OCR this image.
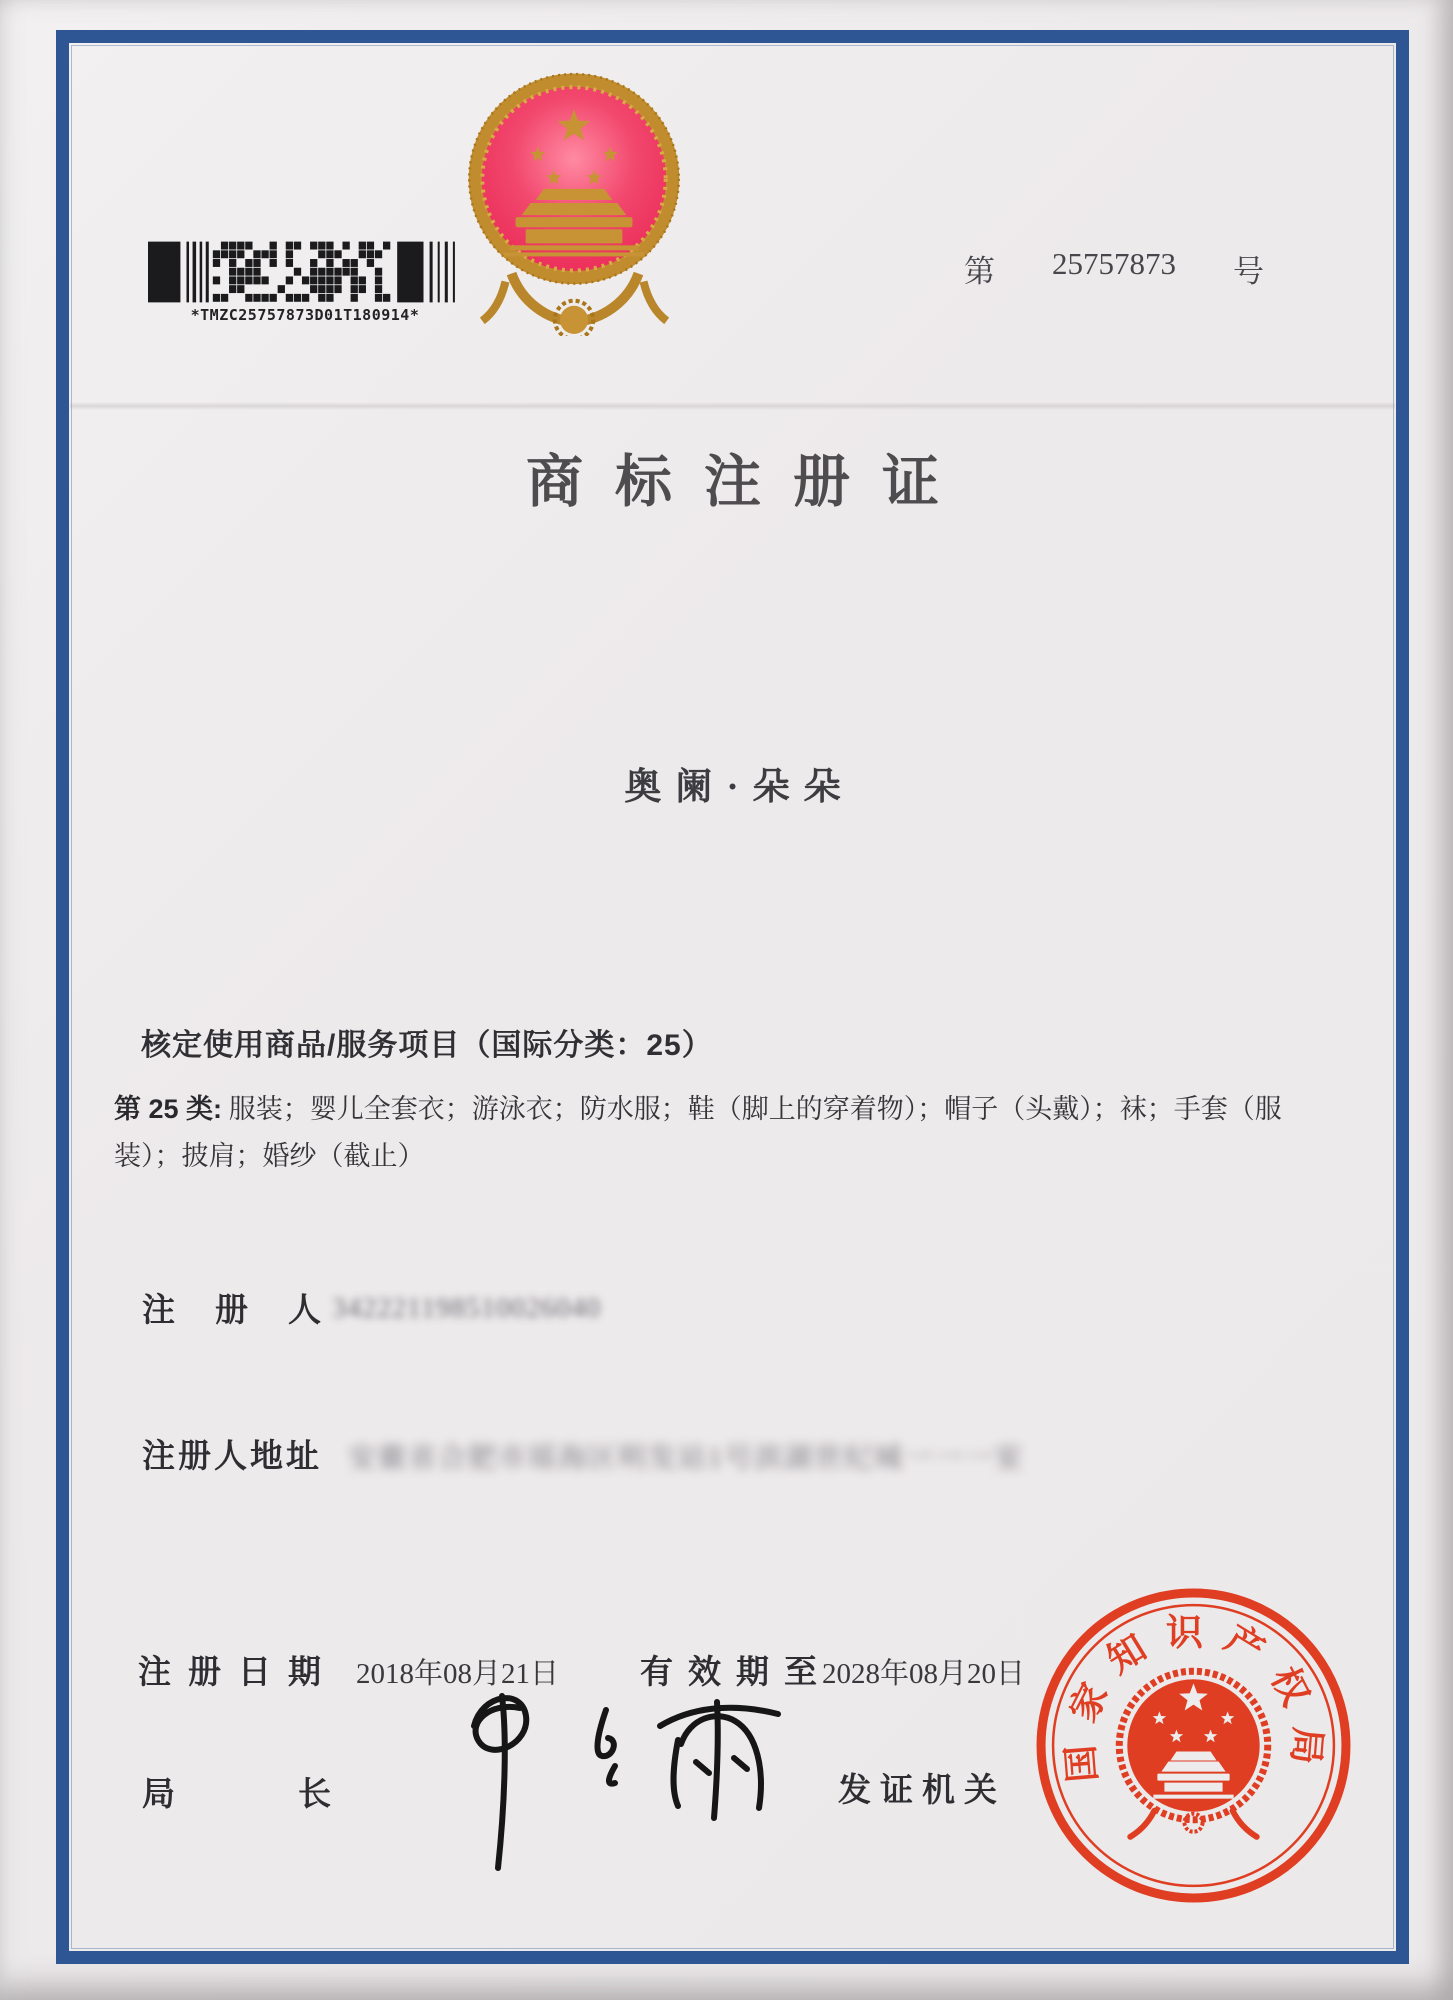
*TMZC25757873D01T180914*
第 25757873 号
商标注册证
奥阑·朵朵
核定使用商品/服务项目（国际分类：25）
第 25 类: 服装；婴儿全套衣；游泳衣；防水服；鞋（脚上的穿着物）；帽子（头戴）；袜；手套（服装）；披肩；婚纱（截止）
注册人
342221198510026040
注册人地址 安徽省合肥市瑶海区明发站1号滨湖世纪城一一一室
注册日期 2018年08月21日 有效期至
2028年08月20日
局	长	发证机关
国家知识产权局
